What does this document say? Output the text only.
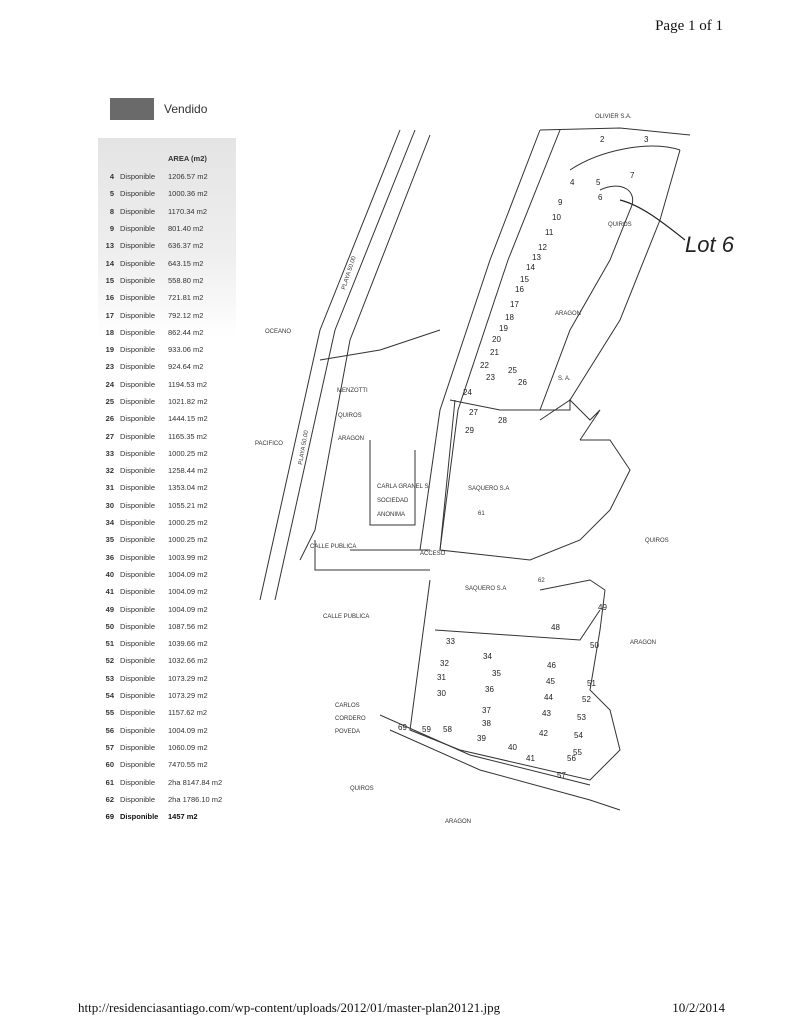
Page 1 of 1
Vendido
AREA (m2)
4 Disponible	1206.57 m2
5 Disponible	1000.36 m2
8 Disponible	1170.34 m2
9 Disponible	801.40 m2
13 Disponible	636.37 m2
14 Disponible	643.15 m2
15 Disponible	558.80 m2
16 Disponible	721.81 m2
17 Disponible	792.12 m2
18 Disponible	862.44 m2
19 Disponible	933.06 m2
23 Disponible	924.64 m2
24 Disponible	1194.53 m2
25 Disponible	1021.82 m2
26 Disponible	1444.15 m2
27 Disponible	1165.35 m2
33 Disponible	1000.25 m2
32 Disponible	1258.44 m2
31 Disponible	1353.04 m2
30 Disponible	1055.21 m2
34 Disponible	1000.25 m2
35 Disponible	1000.25 m2
36 Disponible	1003.99 m2
40 Disponible	1004.09 m2
41 Disponible	1004.09 m2
49 Disponible	1004.09 m2
50 Disponible	1087.56 m2
51 Disponible	1039.66 m2
52 Disponible	1032.66 m2
53 Disponible	1073.29 m2
54 Disponible	1073.29 m2
55 Disponible	1157.62 m2
56 Disponible	1004.09 m2
57 Disponible	1060.09 m2
60 Disponible	7470.55 m2
61 Disponible	2ha 8147.84 m2
62 Disponible	2ha 1786.10 m2
69 Disponible	1457 m2
2	3
4	5
6
7
9
10
11
12
13
14
15
16
17
18
19
20
21
22
23
24
25
26
27
28
29
33
34
32
35
31
36
30
37
38
39
40
41
42
43
44
45
46
48
49
50
51
52
53
54
55
56
57
58
59
69
OCEANO
PACIFICO
PLAYA 50.00
PLAYA 50.00
QUIROS
ARAGON
S. A.
SAQUERO S.A
SAQUERO S.A
QUIROS
ARAGON
MENZOTTI
QUIROS
ARAGON
CARLA GRANEL S.
SOCIEDAD
ANONIMA
CARLOS
CORDERO
POVEDA
QUIROS
ARAGON
CALLE PUBLICA
CALLE PUBLICA
ACCESO
OLIVIER S.A.
62
61
Lot 6
http://residenciasantiago.com/wp-content/uploads/2012/01/master-plan20121.jpg	10/2/2014
